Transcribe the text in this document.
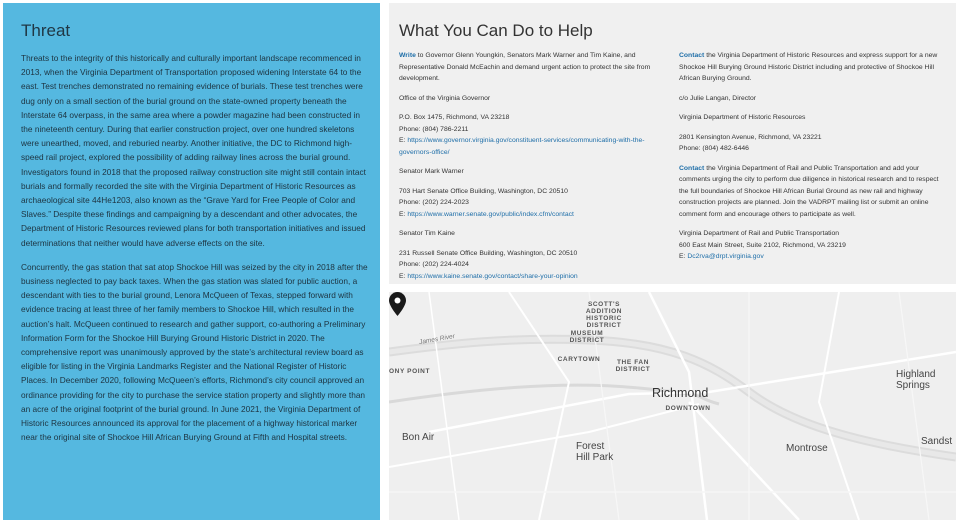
Threat

Threats to the integrity of this historically and culturally important landscape recommenced in 2013, when the Virginia Department of Transportation proposed widening Interstate 64 to the east. Test trenches demonstrated no remaining evidence of burials. These test trenches were dug only on a small section of the burial ground on the state-owned property beneath the Interstate 64 overpass, in the same area where a powder magazine had been constructed in the nineteenth century. During that earlier construction project, over one hundred skeletons were unearthed, moved, and reburied nearby. Another initiative, the DC to Richmond high-speed rail project, explored the possibility of adding railway lines across the burial ground. Investigators found in 2018 that the proposed railway construction site might still contain intact burials and formally recorded the site with the Virginia Department of Historic Resources as archaeological site 44He1203, also known as the “Grave Yard for Free People of Color and Slaves.” Despite these findings and campaigning by a descendant and other advocates, the Department of Historic Resources reviewed plans for both transportation initiatives and issued determinations that neither would have adverse effects on the site.

Concurrently, the gas station that sat atop Shockoe Hill was seized by the city in 2018 after the business neglected to pay back taxes. When the gas station was slated for public auction, a descendant with ties to the burial ground, Lenora McQueen of Texas, stepped forward with evidence tracing at least three of her family members to Shockoe Hill, which resulted in the auction’s halt. McQueen continued to research and gather support, co-authoring a Preliminary Information Form for the Shockoe Hill Burying Ground Historic District in 2020. The comprehensive report was unanimously approved by the state’s architectural review board as eligible for listing in the Virginia Landmarks Register and the National Register of Historic Places. In December 2020, following McQueen’s efforts, Richmond’s city council approved an ordinance providing for the city to purchase the service station property and slightly more than an acre of the original footprint of the burial ground. In June 2021, the Virginia Department of Historic Resources announced its approval for the placement of a highway historical marker near the original site of Shockoe Hill African Burying Ground at Fifth and Hospital streets.

What You Can Do to Help

Write to Governor Glenn Youngkin, Senators Mark Warner and Tim Kaine, and Representative Donald McEachin and demand urgent action to protect the site from development.

Office of the Virginia Governor

P.O. Box 1475, Richmond, VA 23218
Phone: (804) 786-2211

E: https://www.governor.virginia.gov/constituent-services/communicating-with-the-governors-office/

Senator Mark Warner

703 Hart Senate Office Building, Washington, DC 20510
Phone: (202) 224-2023

E: https://www.warner.senate.gov/public/index.cfm/contact

Senator Tim Kaine

231 Russell Senate Office Building, Washington, DC 20510
Phone: (202) 224-4024

E: https://www.kaine.senate.gov/contact/share-your-opinion

Contact the Virginia Department of Historic Resources and express support for a new Shockoe Hill Burying Ground Historic District including and protective of Shockoe Hill African Burying Ground.

c/o Julie Langan, Director

Virginia Department of Historic Resources

2801 Kensington Avenue, Richmond, VA 23221

Phone: (804) 482-6446

Contact the Virginia Department of Rail and Public Transportation and add your comments urging the city to perform due diligence in historical research and to respect the full boundaries of Shockoe Hill African Burial Ground as new rail and highway construction projects are planned. Join the VADRPT mailing list or submit an online comment form and encourage others to participate as well.

Virginia Department of Rail and Public Transportation
600 East Main Street, Suite 2102, Richmond, VA 23219
E: Dc2rva@drpt.virginia.gov
SCOTT'S ADDITION HISTORIC DISTRICT
MUSEUM DISTRICT
CARYTOWN	THE FAN DISTRICT
DOWNTOWN
ONY POINT
James River
Richmond
Highland Springs
Bon Air
Forest Hill Park
Montrose
Sandst
